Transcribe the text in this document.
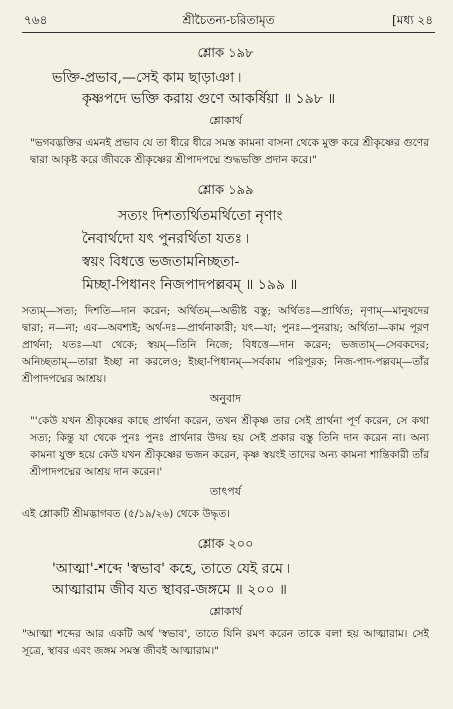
৭৬৪	শ্রীচৈতন্য-চরিতামৃত	[মধ্য ২৪
শ্লোক ১৯৮
ভক্তি-প্রভাব,—সেই কাম ছাড়াঞা ৷
কৃষ্ণপদে ভক্তি করায় গুণে আকর্ষিয়া ॥ ১৯৮ ॥
শ্লোকার্থ
"ভগবদ্ভক্তির এমনই প্রভাব যে তা ধীরে ধীরে সমস্ত কামনা বাসনা থেকে মুক্ত করে শ্রীকৃষ্ণের গুণের দ্বারা আকৃষ্ট করে জীবকে শ্রীকৃষ্ণের শ্রীপাদপদ্মে শুদ্ধভক্তি প্রদান করে।"
শ্লোক ১৯৯
সত্যং দিশত্যর্থিতমর্থিতো নৃণাং
নৈবার্থদো যৎ পুনরর্থিতা যতঃ ৷
স্বয়ং বিধত্তে ভজতামনিচ্ছতা-
মিচ্ছা-পিধানং নিজপাদপল্লবম্ ॥ ১৯৯ ॥
সত্যম্—সত্য; দিশতি—দান করেন; অর্থিতম্—অভীষ্ট বস্তু; অর্থিতঃ—প্রার্থিত; নৃণাম্—মানুষদের দ্বারা; ন—না; এব—অবশ্যই; অর্থ-দঃ—প্রার্থনাকারী; যৎ—যা; পুনঃ—পুনরায়; অর্থিতা—কাম পূরণ প্রার্থনা; যতঃ—যা থেকে; স্বয়ম্—তিনি নিজে; বিধত্তে—দান করেন; ভজতাম্—সেবকদের; অনিচ্ছতাম্—তারা ইচ্ছা না করলেও; ইচ্ছা-পিধানম্—সর্বকাম পরিপূরক; নিজ-পাদ-পল্লবম্—তাঁর শ্রীপাদপদ্মের আশ্রয়।
অনুবাদ
"'কেউ যখন শ্রীকৃষ্ণের কাছে প্রার্থনা করেন, তখন শ্রীকৃষ্ণ তার সেই প্রার্থনা পূর্ণ করেন, সে কথা সত্য; কিন্তু যা থেকে পুনঃ পুনঃ প্রার্থনার উদয় হয় সেই প্রকার বস্তু তিনি দান করেন না। অন্য কামনা যুক্ত হয়ে কেউ যখন শ্রীকৃষ্ণের ভজন করেন, কৃষ্ণ স্বয়ংই তাদের অন্য কামনা শান্তিকারী তাঁর শ্রীপাদপদ্মের আশ্রয় দান করেন।'
তাৎপর্য
এই শ্লোকটি শ্রীমদ্ভাগবত (৫/১৯/২৬) থেকে উদ্ধৃত।
শ্লোক ২০০
'আত্মা'-শব্দে 'স্বভাব' কহে, তাতে যেই রমে ৷
আত্মারাম জীব যত স্থাবর-জঙ্গমে ॥ ২০০ ॥
শ্লোকার্থ
"আত্মা শব্দের আর একটি অর্থ 'স্বভাব', তাতে যিনি রমণ করেন তাকে বলা হয় আত্মারাম। সেই সূত্রে, স্থাবর এবং জঙ্গম সমস্ত জীবই আত্মারাম।"
